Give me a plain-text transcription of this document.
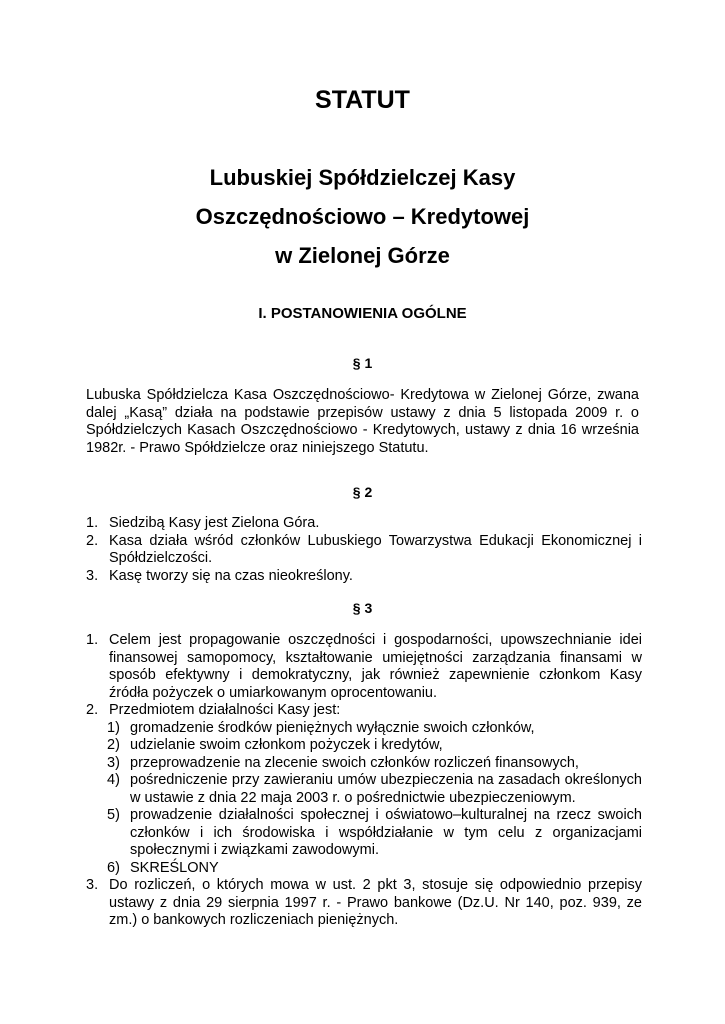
STATUT
Lubuskiej Spółdzielczej Kasy
Oszczędnościowo – Kredytowej
w Zielonej Górze
I. POSTANOWIENIA OGÓLNE
§ 1

Lubuska Spółdzielcza Kasa Oszczędnościowo- Kredytowa w Zielonej Górze, zwana dalej „Kasą” działa na podstawie przepisów ustawy z dnia 5 listopada 2009 r. o Spółdzielczych Kasach Oszczędnościowo - Kredytowych, ustawy z dnia 16 września 1982r. - Prawo Spółdzielcze oraz niniejszego Statutu.

§ 2
1. Siedzibą Kasy jest Zielona Góra.
2. Kasa działa wśród członków Lubuskiego Towarzystwa Edukacji Ekonomicznej i Spółdzielczości.
3. Kasę tworzy się na czas nieokreślony.
§ 3
1. Celem jest propagowanie oszczędności i gospodarności, upowszechnianie idei finansowej samopomocy, kształtowanie umiejętności zarządzania finansami w sposób efektywny i demokratyczny, jak również zapewnienie członkom Kasy źródła pożyczek o umiarkowanym oprocentowaniu.
2. Przedmiotem działalności Kasy jest:
1) gromadzenie środków pieniężnych wyłącznie swoich członków,
2) udzielanie swoim członkom pożyczek i kredytów,
3) przeprowadzenie na zlecenie swoich członków rozliczeń finansowych,
4) pośredniczenie przy zawieraniu umów ubezpieczenia na zasadach określonych w ustawie z dnia 22 maja 2003 r. o pośrednictwie ubezpieczeniowym.
5) prowadzenie działalności społecznej i oświatowo–kulturalnej na rzecz swoich członków i ich środowiska i współdziałanie w tym celu z organizacjami społecznymi i związkami zawodowymi.
6) SKREŚLONY
3. Do rozliczeń, o których mowa w ust. 2 pkt 3, stosuje się odpowiednio przepisy ustawy z dnia 29 sierpnia 1997 r. - Prawo bankowe (Dz.U. Nr 140, poz. 939, ze zm.) o bankowych rozliczeniach pieniężnych.
